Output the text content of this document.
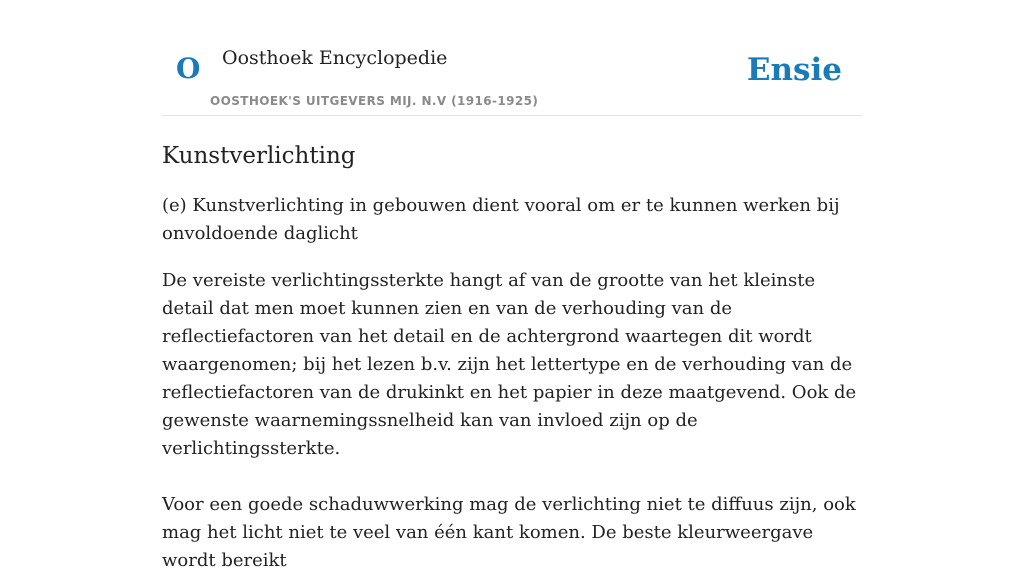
O Oosthoek Encyclopedie
OOSTHOEK'S UITGEVERS MIJ. N.V (1916-1925)
Ensie
Kunstverlichting

(e) Kunstverlichting in gebouwen dient vooral om er te kunnen werken bij onvoldoende daglicht

De vereiste verlichtingssterkte hangt af van de grootte van het kleinste detail dat men moet kunnen zien en van de verhouding van de reflectiefactoren van het detail en de achtergrond waartegen dit wordt waargenomen; bij het lezen b.v. zijn het lettertype en de verhouding van de reflectiefactoren van de drukinkt en het papier in deze maatgevend. Ook de gewenste waarnemingssnelheid kan van invloed zijn op de verlichtingssterkte.

Voor een goede schaduwwerking mag de verlichting niet te diffuus zijn, ook mag het licht niet te veel van één kant komen. De beste kleurweergave wordt bereikt
